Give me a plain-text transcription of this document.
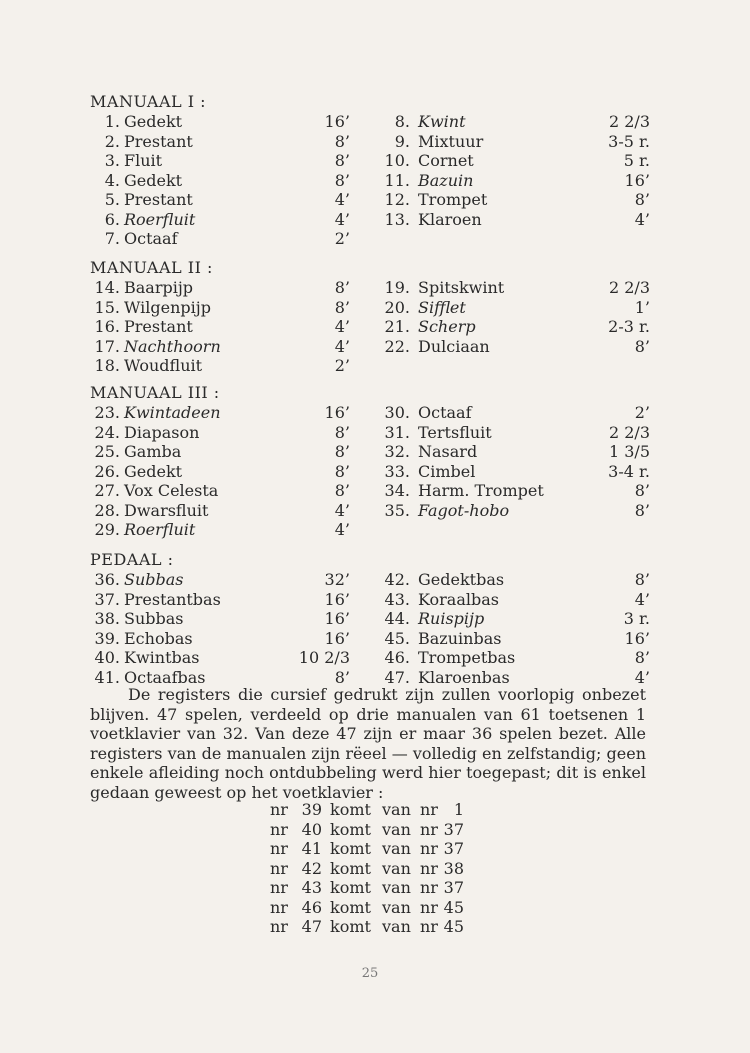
MANUAAL I :
1. Gedekt	16’	8. Kwint	2 2/3
2. Prestant	8’	9. Mixtuur	3-5 r.
3. Fluit	8’ 10. Cornet	5 r.
4. Gedekt	8’ 11. Bazuin	16’
5. Prestant	4’ 12. Trompet	8’
6. Roerfluit	4’ 13. Klaroen	4’
7. Octaaf	2’
MANUAAL II :
14. Baarpijp	8’ 19. Spitskwint	2 2/3
15. Wilgenpijp	8’ 20. Sifflet	1’
16. Prestant	4’ 21. Scherp	2-3 r.
17. Nachthoorn	4’ 22. Dulciaan	8’
18. Woudfluit	2’
MANUAAL III :
23. Kwintadeen	16’ 30. Octaaf	2’
24. Diapason	8’ 31. Tertsfluit	2 2/3
25. Gamba	8’ 32. Nasard	1 3/5
26. Gedekt	8’ 33. Cimbel	3-4 r.
27. Vox Celesta	8’ 34. Harm. Trompet	8’
28. Dwarsfluit	4’ 35. Fagot-hobo	8’
29. Roerfluit	4’
PEDAAL :
36. Subbas	32’ 42. Gedektbas	8’
37. Prestantbas	16’ 43. Koraalbas	4’
38. Subbas	16’ 44. Ruispijp	3 r.
39. Echobas	16’ 45. Bazuinbas	16’
40. Kwintbas	10 2/3 46. Trompetbas	8’
41. Octaafbas	8’ 47. Klaroenbas	4’
De registers die cursief gedrukt zijn zullen voorlopig onbezet blijven. 47 spelen, verdeeld op drie manualen van 61 toetsenen 1 voetklavier van 32. Van deze 47 zijn er maar 36 spelen bezet. Alle registers van de manualen zijn rëeel — volledig en zelfstandig; geen enkele afleiding noch ontdubbeling werd hier toegepast; dit is enkel gedaan geweest op het voetklavier :
nr 39 komt van nr 1
nr 40 komt van nr 37
nr 41 komt van nr 37
nr 42 komt van nr 38
nr 43 komt van nr 37
nr 46 komt van nr 45
nr 47 komt van nr 45
25
